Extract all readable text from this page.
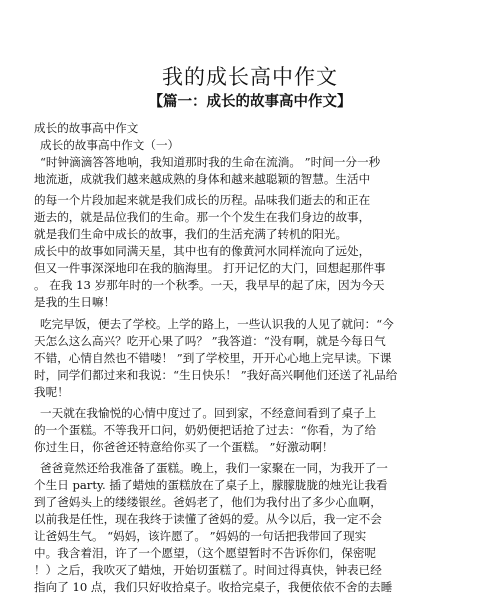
我的成长高中作文
【篇一：成长的故事高中作文】
成长的故事高中作文
成长的故事高中作文（一）
“时钟滴滴答答地响，我知道那时我的生命在流淌。 ”时间一分一秒
地流逝，成就我们越来越成熟的身体和越来越聪颖的智慧。生活中
的每一个片段加起来就是我们成长的历程。品味我们逝去的和正在
逝去的，就是品位我们的生命。那一个个发生在我们身边的故事，
就是我们生命中成长的故事，我们的生活充满了转机的阳光。
成长中的故事如同满天星，其中也有的像黄河水同样流向了远处，
但又一件事深深地印在我的脑海里。 打开记忆的大门，回想起那件事
。 在我 13 岁那年时的一个秋季。一天，我早早的起了床，因为今天
是我的生日嘛！
吃完早饭，便去了学校。上学的路上，一些认识我的人见了就问：“今
天怎么这么高兴？吃开心果了吗？ ”我答道：“没有啊，就是今每日气
不错，心情自然也不错喽！ ”到了学校里，开开心心地上完早读。下课
时，同学们都过来和我说：“生日快乐！ ”我好高兴啊他们还送了礼品给
我呢！
一天就在我愉悦的心情中度过了。回到家，不经意间看到了桌子上
的一个蛋糕。不等我开口问，奶奶便把话抢了过去：“你看，为了给
你过生日，你爸爸还特意给你买了一个蛋糕。 ”好激动啊！
爸爸竟然还给我准备了蛋糕。晚上，我们一家聚在一同，为我开了一
个生日 party. 插了蜡烛的蛋糕放在了桌子上，朦朦胧胧的烛光让我看
到了爸妈头上的缕缕银丝。爸妈老了，他们为我付出了多少心血啊，
以前我是任性，现在我终于读懂了爸妈的爱。从今以后，我一定不会
让爸妈生气。 “妈妈，该许愿了。 ”妈妈的一句话把我带回了现实
中。我含着泪，许了一个愿望，（这个愿望暂时不告诉你们，保密呢
！）之后，我吹灭了蜡烛，开始切蛋糕了。时间过得真快，钟表已经
指向了 10 点，我们只好收拾桌子。收拾完桌子，我便依依不舍的去睡
